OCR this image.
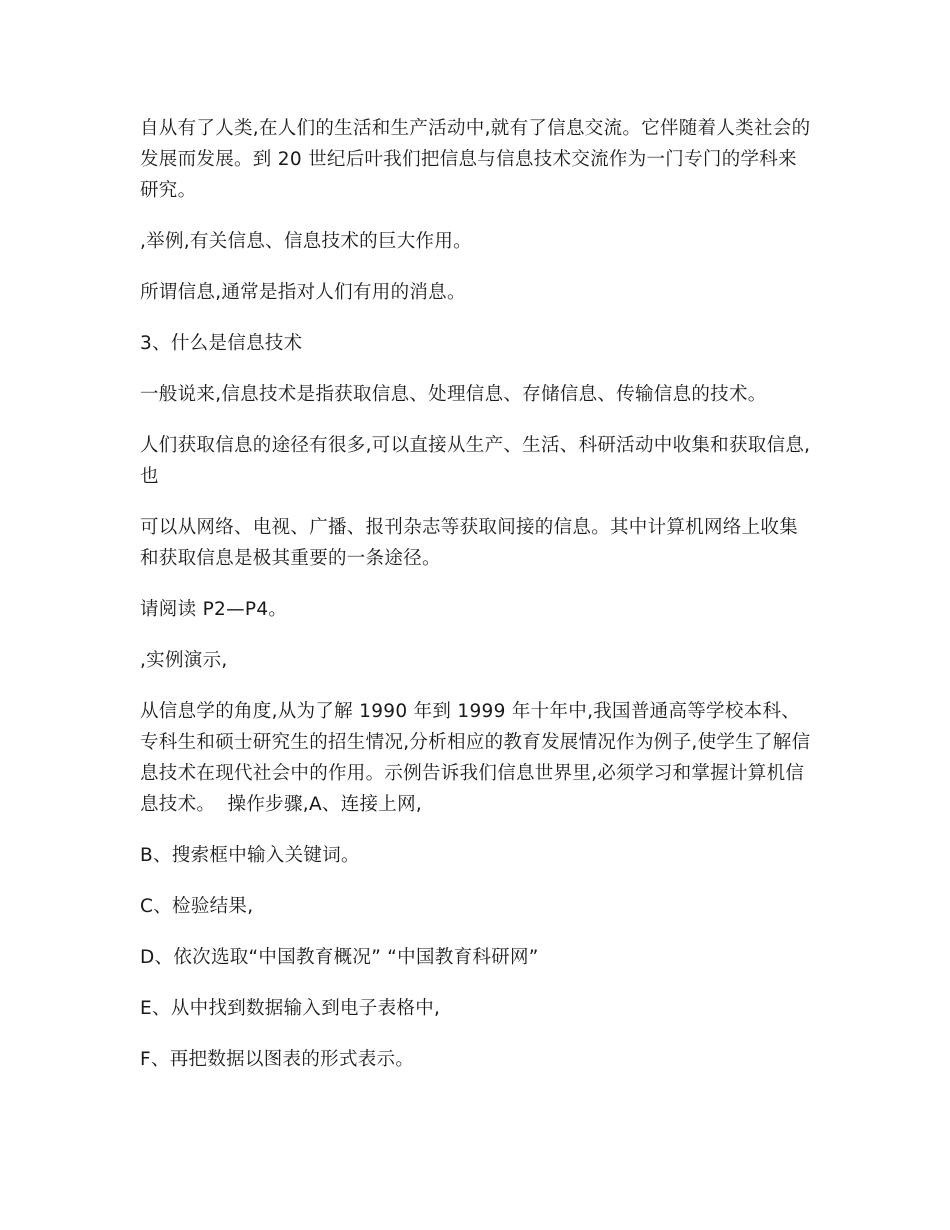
自从有了人类,在人们的生活和生产活动中,就有了信息交流。它伴随着人类社会的发展而发展。到 20 世纪后叶我们把信息与信息技术交流作为一门专门的学科来研究。

,举例,有关信息、信息技术的巨大作用。

所谓信息,通常是指对人们有用的消息。

3、什么是信息技术

一般说来,信息技术是指获取信息、处理信息、存储信息、传输信息的技术。

人们获取信息的途径有很多,可以直接从生产、生活、科研活动中收集和获取信息,也

可以从网络、电视、广播、报刊杂志等获取间接的信息。其中计算机网络上收集和获取信息是极其重要的一条途径。

请阅读 P2—P4。

,实例演示,

从信息学的角度,从为了解 1990 年到 1999 年十年中,我国普通高等学校本科、专科生和硕士研究生的招生情况,分析相应的教育发展情况作为例子,使学生了解信息技术在现代社会中的作用。示例告诉我们信息世界里,必须学习和掌握计算机信息技术。  操作步骤,A、连接上网,

B、搜索框中输入关键词。

C、检验结果,

D、依次选取“中国教育概况” “中国教育科研网”

E、从中找到数据输入到电子表格中,

F、再把数据以图表的形式表示。
